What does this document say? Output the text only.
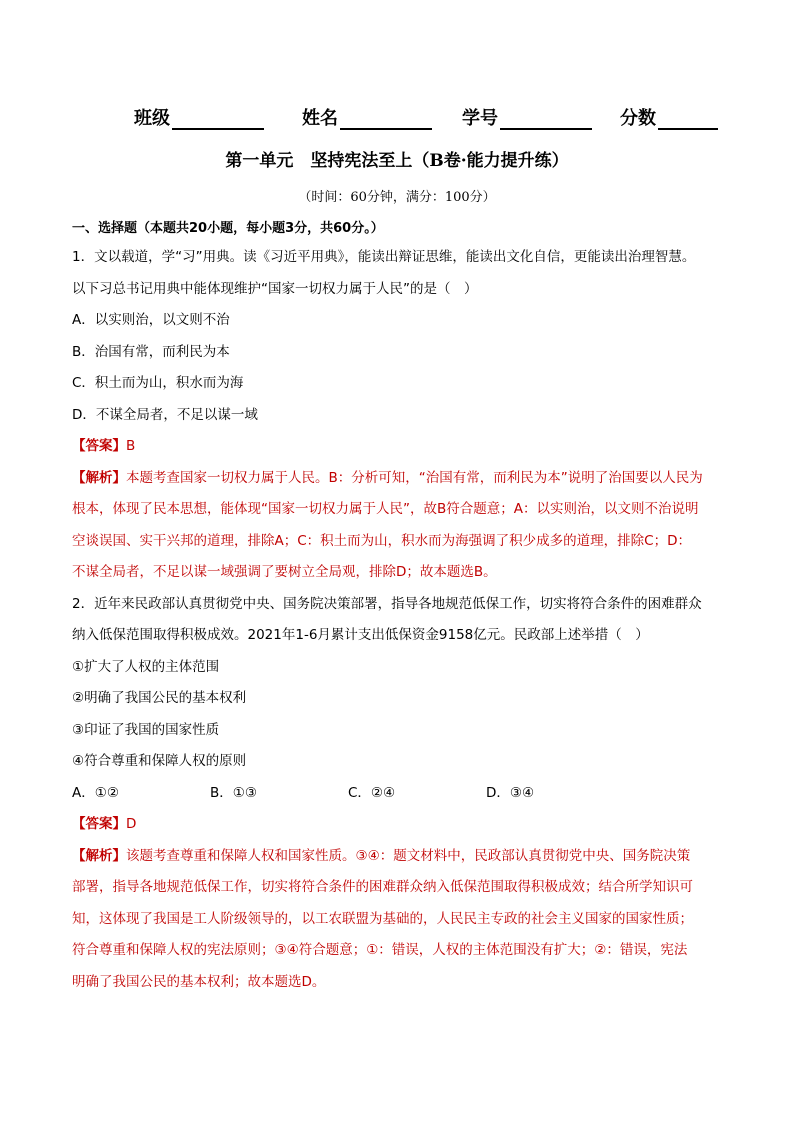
班级	姓名	学号	分数
第一单元　坚持宪法至上（B卷·能力提升练）
（时间：60分钟，满分：100分）
一、选择题（本题共20小题，每小题3分，共60分。）
1．文以载道，学“习”用典。读《习近平用典》，能读出辩证思维，能读出文化自信，更能读出治理智慧。
以下习总书记用典中能体现维护“国家一切权力属于人民”的是（　）
A．以实则治，以文则不治
B．治国有常，而利民为本
C．积土而为山，积水而为海
D．不谋全局者，不足以谋一域
【答案】B
【解析】本题考查国家一切权力属于人民。B：分析可知，“治国有常，而利民为本”说明了治国要以人民为
根本，体现了民本思想，能体现“国家一切权力属于人民”，故B符合题意；A：以实则治，以文则不治说明
空谈误国、实干兴邦的道理，排除A；C：积土而为山，积水而为海强调了积少成多的道理，排除C；D：
不谋全局者，不足以谋一域强调了要树立全局观，排除D；故本题选B。
2．近年来民政部认真贯彻党中央、国务院决策部署，指导各地规范低保工作，切实将符合条件的困难群众
纳入低保范围取得积极成效。2021年1-6月累计支出低保资金9158亿元。民政部上述举措（　）
①扩大了人权的主体范围
②明确了我国公民的基本权利
③印证了我国的国家性质
④符合尊重和保障人权的原则
A．①②	B．①③	C．②④	D．③④
【答案】D
【解析】该题考查尊重和保障人权和国家性质。③④：题文材料中，民政部认真贯彻党中央、国务院决策
部署，指导各地规范低保工作，切实将符合条件的困难群众纳入低保范围取得积极成效；结合所学知识可
知，这体现了我国是工人阶级领导的，以工农联盟为基础的，人民民主专政的社会主义国家的国家性质；
符合尊重和保障人权的宪法原则；③④符合题意；①：错误，人权的主体范围没有扩大；②：错误，宪法
明确了我国公民的基本权利；故本题选D。
